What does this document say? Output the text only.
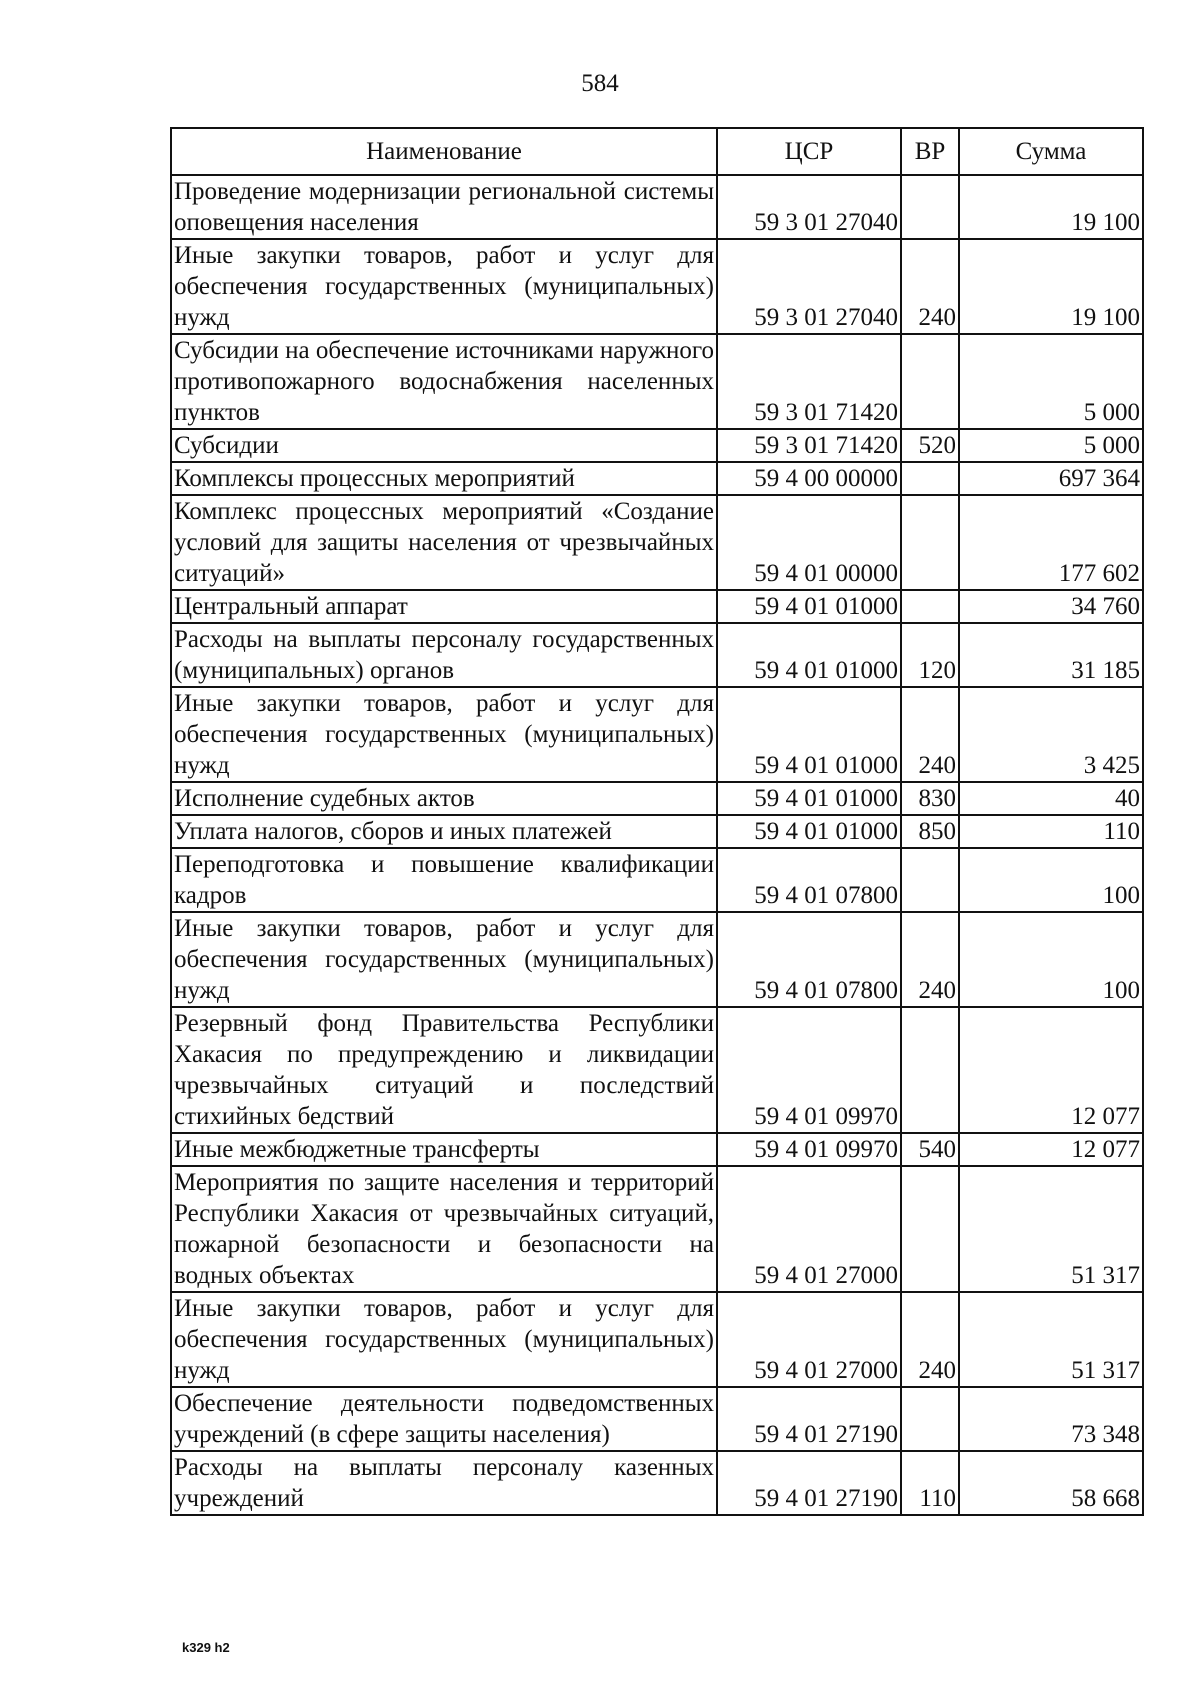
584
Наименование	ЦСР	ВР	Сумма
Проведение модернизации региональной системы оповещения населения	59 3 01 27040		19 100
Иные закупки товаров, работ и услуг для обеспечения государственных (муниципальных) нужд	59 3 01 27040	240	19 100
Субсидии на обеспечение источниками наружного противопожарного водоснабжения населенных пунктов	59 3 01 71420		5 000
Субсидии	59 3 01 71420	520	5 000
Комплексы процессных мероприятий	59 4 00 00000		697 364
Комплекс процессных мероприятий «Создание условий для защиты населения от чрезвычайных ситуаций»	59 4 01 00000		177 602
Центральный аппарат	59 4 01 01000		34 760
Расходы на выплаты персоналу государственных (муниципальных) органов	59 4 01 01000	120	31 185
Иные закупки товаров, работ и услуг для обеспечения государственных (муниципальных) нужд	59 4 01 01000	240	3 425
Исполнение судебных актов	59 4 01 01000	830	40
Уплата налогов, сборов и иных платежей	59 4 01 01000	850	110
Переподготовка и повышение квалификации кадров	59 4 01 07800		100
Иные закупки товаров, работ и услуг для обеспечения государственных (муниципальных) нужд	59 4 01 07800	240	100
Резервный фонд Правительства Республики Хакасия по предупреждению и ликвидации чрезвычайных ситуаций и последствий стихийных бедствий	59 4 01 09970		12 077
Иные межбюджетные трансферты	59 4 01 09970	540	12 077
Мероприятия по защите населения и территорий Республики Хакасия от чрезвычайных ситуаций, пожарной безопасности и безопасности на водных объектах	59 4 01 27000		51 317
Иные закупки товаров, работ и услуг для обеспечения государственных (муниципальных) нужд	59 4 01 27000	240	51 317
Обеспечение деятельности подведомственных учреждений (в сфере защиты населения)	59 4 01 27190		73 348
Расходы на выплаты персоналу казенных учреждений	59 4 01 27190	110	58 668
k329 h2
